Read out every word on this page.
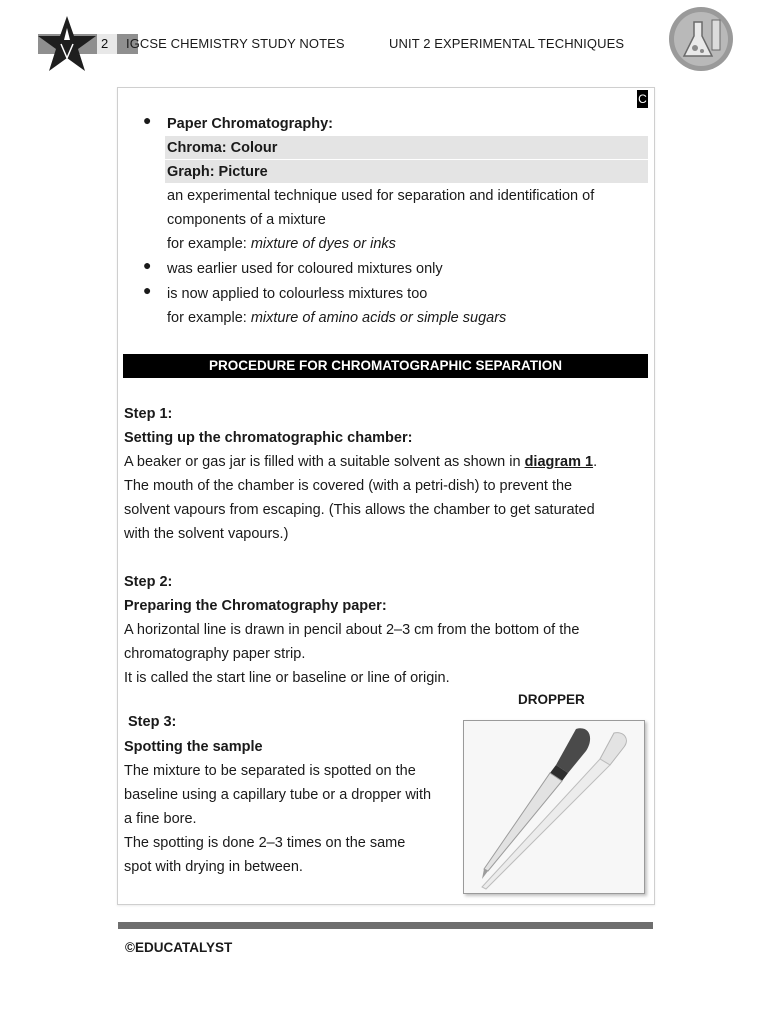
2 IGCSE CHEMISTRY STUDY NOTES	UNIT 2 EXPERIMENTAL TECHNIQUES
C
● Paper Chromatography:
Chroma: Colour
Graph: Picture
an experimental technique used for separation and identification of
components of a mixture
for example: mixture of dyes or inks
● was earlier used for coloured mixtures only
● is now applied to colourless mixtures too
for example: mixture of amino acids or simple sugars
PROCEDURE FOR CHROMATOGRAPHIC SEPARATION
Step 1:
Setting up the chromatographic chamber:
A beaker or gas jar is filled with a suitable solvent as shown in diagram 1.
The mouth of the chamber is covered (with a petri-dish) to prevent the
solvent vapours from escaping. (This allows the chamber to get saturated
with the solvent vapours.)
Step 2:
Preparing the Chromatography paper:
A horizontal line is drawn in pencil about 2–3 cm from the bottom of the
chromatography paper strip.
It is called the start line or baseline or line of origin.
DROPPER
Step 3:
Spotting the sample
The mixture to be separated is spotted on the
baseline using a capillary tube or a dropper with
a fine bore.
The spotting is done 2–3 times on the same
spot with drying in between.
©EDUCATALYST
